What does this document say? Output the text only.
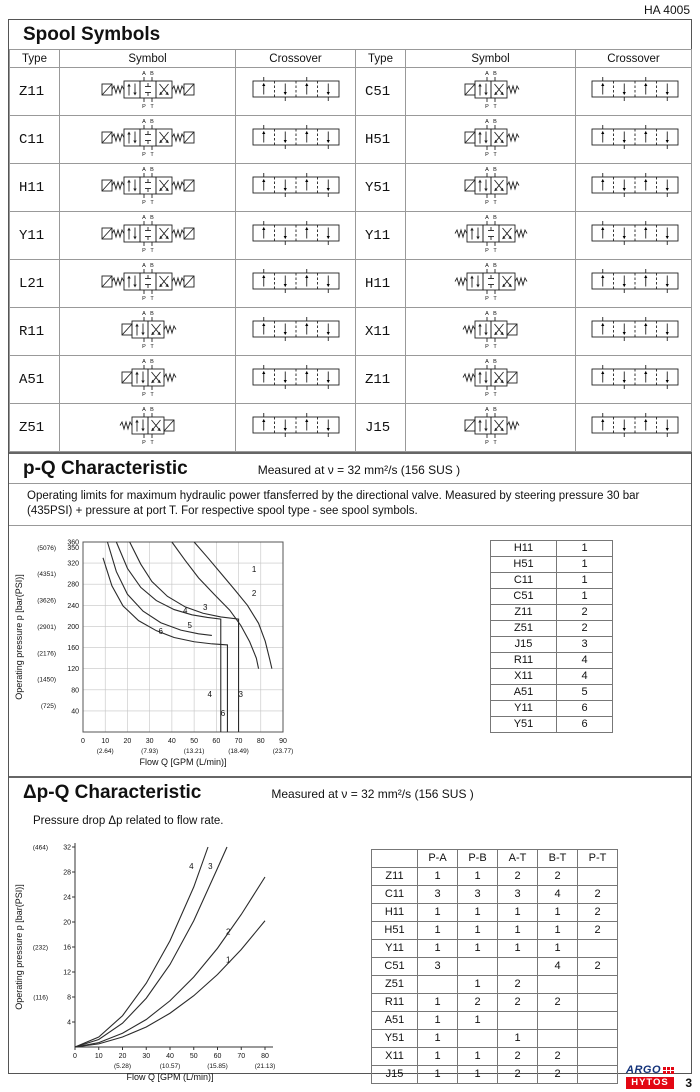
HA 4005
Spool Symbols
Type	Symbol	Crossover	Type	Symbol	Crossover
Z11	A B
P T		C51	A B
P T

C11	A B
P T		H51	A B
P T

H11	A B
P T		Y51	A B
P T

Y11	A B
P T		Y11	A B
P T

L21	A B
P T		H11	A B
P T

R11	A B
P T		X11	A B
P T

A51	A B
P T		Z11	A B
P T

Z51	A B
P T		J15	A B
P T

p-Q Characteristic	Measured at ν = 32 mm²/s (156 SUS )

Operating limits for maximum hydraulic power tfansferred by the directional valve. Measured by steering pressure 30 bar (435PSI) + pressure at port T. For respective spool type - see spool symbols.

40
80
120
160
200
240
280
320
350
360
(725)
(1450)
(2176)
(2901)
(3626)
(4351)
(5076)
0 10 20 30 40 50 60 70 80 90
(2.64)	(7.93)	(13.21)	(18.49)	(23.77)
Flow Q [GPM (L/min)]
Operating pressure p [bar(PSI)]
1
2
3
4
5
6
4	3
6
H11	1
H51	1
C11	1
C51	1
Z11	2
Z51	2
J15	3
R11	4
X11	4
A51	5
Y11	6
Y51	6
Δp-Q Characteristic	Measured at ν = 32 mm²/s (156 SUS )

Pressure drop Δp related to flow rate.

4
8
12
16
20
24
28
32
(116)
(232)
(464)
0	10 20 30 40 50 60 70 80
(5.28)	(10.57)	(15.85)	(21.13)
Flow Q [GPM (L/min)]
Operating pressure p [bar(PSI)]
4 3
2
1
	P-A	P-B	A-T	B-T	P-T
Z11	1	1	2	2	
C11	3	3	3	4	2
H11	1	1	1	1	2
H51	1	1	1	1	2
Y11	1	1	1	1	
C51	3			4	2
Z51		1	2		
R11	1	2	2	2	
A51	1	1			
Y51	1		1		
X11	1	1	2	2	
J15	1	1	2	2		ARGO
HYTOS	3
